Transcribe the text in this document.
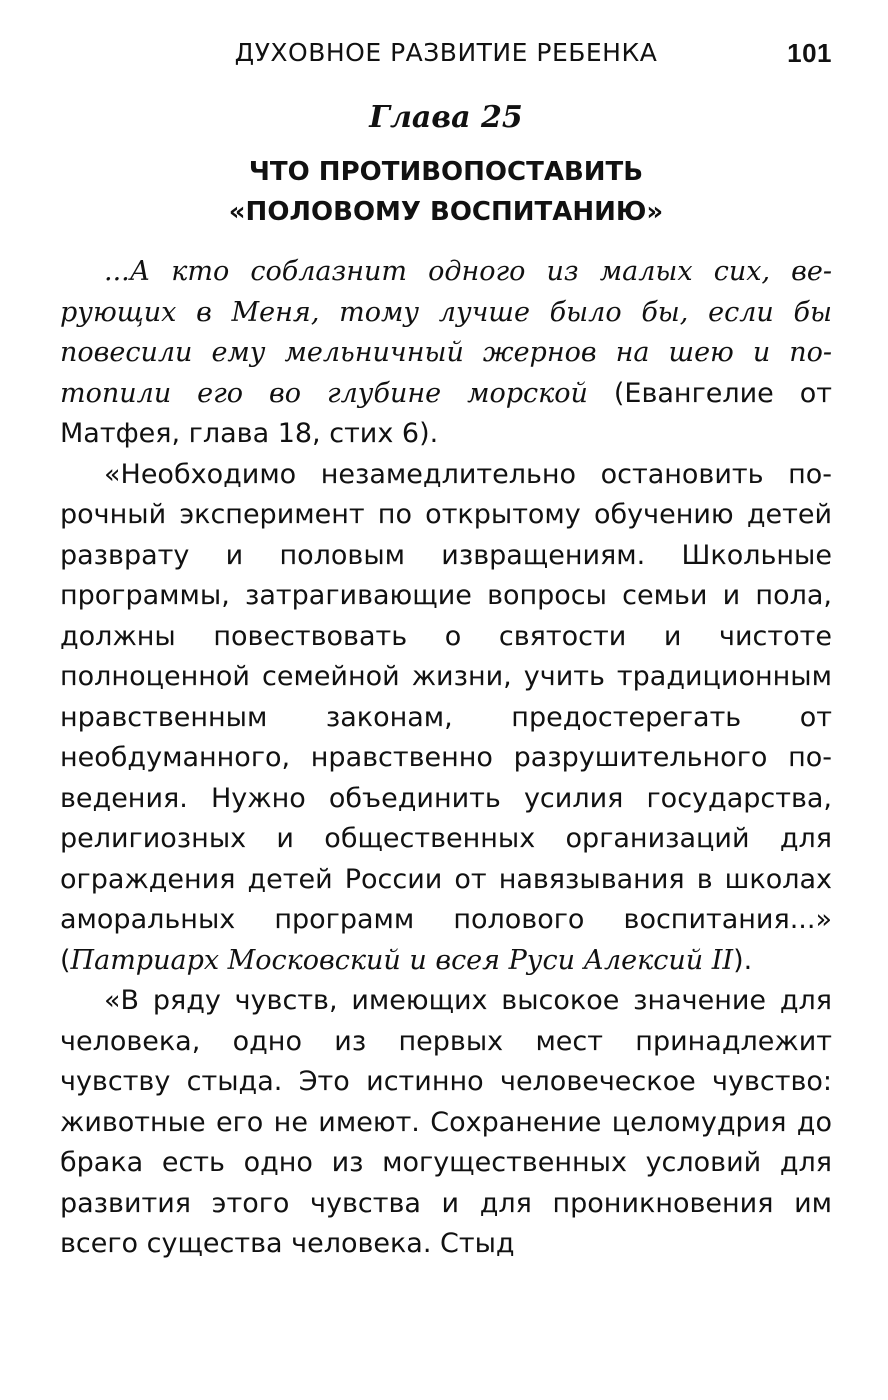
ДУХОВНОЕ РАЗВИТИЕ РЕБЕНКА	101
Глава 25
ЧТО ПРОТИВОПОСТАВИТЬ
«ПОЛОВОМУ ВОСПИТАНИЮ»

...А кто соблазнит одного из малых сих, верующих в Меня, тому лучше было бы, если бы повесили ему мельничный жернов на шею и потопили его во глубине морской (Евангелие от Матфея, глава 18, стих 6).

«Необходимо незамедлительно остановить порочный эксперимент по открытому обучению детей разврату и половым извращениям. Школьные программы, затрагивающие вопросы семьи и пола, должны повествовать о святости и чистоте полноценной семейной жизни, учить традиционным нравственным законам, предостерегать от необдуманного, нравственно разрушительного поведения. Нужно объединить усилия государства, религиозных и общественных организаций для ограждения детей России от навязывания в школах аморальных программ полового воспитания...» (Патриарх Московский и всея Руси Алексий II).

«В ряду чувств, имеющих высокое значение для человека, одно из первых мест принадлежит чувству стыда. Это истинно человеческое чувство: животные его не имеют. Сохранение целомудрия до брака есть одно из могущественных условий для развития этого чувства и для проникновения им всего существа человека. Стыд
